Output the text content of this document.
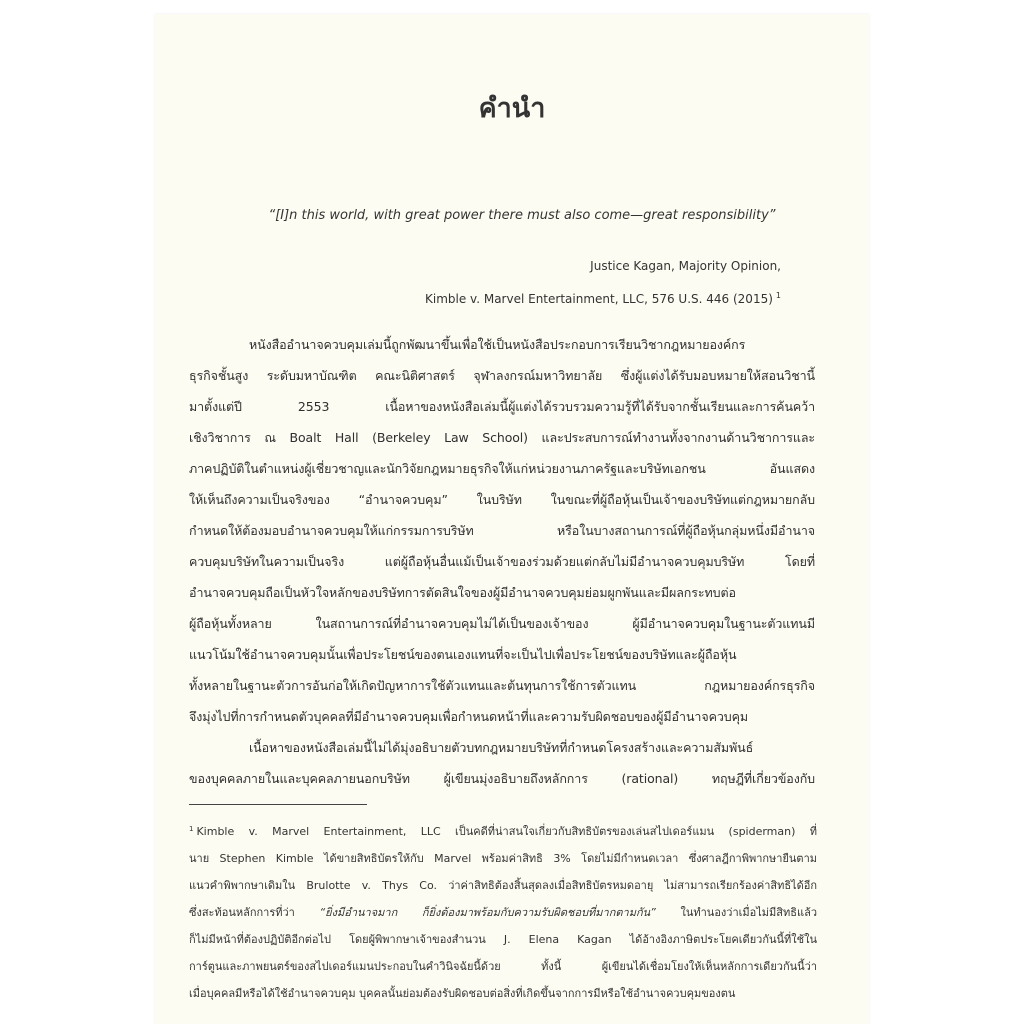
คำนำ
“[I]n this world, with great power there must also come—great responsibility”
Justice Kagan, Majority Opinion,
Kimble v. Marvel Entertainment, LLC, 576 U.S. 446 (2015) $^1$
หนังสืออำนาจควบคุมเล่มนี้ถูกพัฒนาขึ้นเพื่อใช้เป็นหนังสือประกอบการเรียนวิชากฎหมายองค์กร
ธุรกิจชั้นสูง ระดับมหาบัณฑิต คณะนิติศาสตร์ จุฬาลงกรณ์มหาวิทยาลัย ซึ่งผู้แต่งได้รับมอบหมายให้สอนวิชานี้
มาตั้งแต่ปี 2553 เนื้อหาของหนังสือเล่มนี้ผู้แต่งได้รวบรวมความรู้ที่ได้รับจากชั้นเรียนและการค้นคว้า
เชิงวิชาการ ณ Boalt Hall (Berkeley Law School) และประสบการณ์ทำงานทั้งจากงานด้านวิชาการและ
ภาคปฏิบัติในตำแหน่งผู้เชี่ยวชาญและนักวิจัยกฎหมายธุรกิจให้แก่หน่วยงานภาครัฐและบริษัทเอกชน อันแสดง
ให้เห็นถึงความเป็นจริงของ “อำนาจควบคุม” ในบริษัท ในขณะที่ผู้ถือหุ้นเป็นเจ้าของบริษัทแต่กฎหมายกลับ
กำหนดให้ต้องมอบอำนาจควบคุมให้แก่กรรมการบริษัท หรือในบางสถานการณ์ที่ผู้ถือหุ้นกลุ่มหนึ่งมีอำนาจ
ควบคุมบริษัทในความเป็นจริง แต่ผู้ถือหุ้นอื่นแม้เป็นเจ้าของร่วมด้วยแต่กลับไม่มีอำนาจควบคุมบริษัท โดยที่
อำนาจควบคุมถือเป็นหัวใจหลักของบริษัทการตัดสินใจของผู้มีอำนาจควบคุมย่อมผูกพันและมีผลกระทบต่อ
ผู้ถือหุ้นทั้งหลาย ในสถานการณ์ที่อำนาจควบคุมไม่ได้เป็นของเจ้าของ ผู้มีอำนาจควบคุมในฐานะตัวแทนมี
แนวโน้มใช้อำนาจควบคุมนั้นเพื่อประโยชน์ของตนเองแทนที่จะเป็นไปเพื่อประโยชน์ของบริษัทและผู้ถือหุ้น
ทั้งหลายในฐานะตัวการอันก่อให้เกิดปัญหาการใช้ตัวแทนและต้นทุนการใช้การตัวแทน กฎหมายองค์กรธุรกิจ
จึงมุ่งไปที่การกำหนดตัวบุคคลที่มีอำนาจควบคุมเพื่อกำหนดหน้าที่และความรับผิดชอบของผู้มีอำนาจควบคุม
เนื้อหาของหนังสือเล่มนี้ไม่ได้มุ่งอธิบายตัวบทกฎหมายบริษัทที่กำหนดโครงสร้างและความสัมพันธ์
ของบุคคลภายในและบุคคลภายนอกบริษัท ผู้เขียนมุ่งอธิบายถึงหลักการ (rational) ทฤษฎีที่เกี่ยวข้องกับ
$^1$ Kimble v. Marvel Entertainment, LLC เป็นคดีที่น่าสนใจเกี่ยวกับสิทธิบัตรของเล่นสไปเดอร์แมน (spiderman) ที่
นาย Stephen Kimble ได้ขายสิทธิบัตรให้กับ Marvel พร้อมค่าสิทธิ 3% โดยไม่มีกำหนดเวลา ซึ่งศาลฎีกาพิพากษายืนตาม
แนวคำพิพากษาเดิมใน Brulotte v. Thys Co. ว่าค่าสิทธิต้องสิ้นสุดลงเมื่อสิทธิบัตรหมดอายุ ไม่สามารถเรียกร้องค่าสิทธิได้อีก
ซึ่งสะท้อนหลักการที่ว่า “ยิ่งมีอำนาจมาก ก็ยิ่งต้องมาพร้อมกับความรับผิดชอบที่มากตามกัน” ในทำนองว่าเมื่อไม่มีสิทธิแล้ว
ก็ไม่มีหน้าที่ต้องปฏิบัติอีกต่อไป โดยผู้พิพากษาเจ้าของสำนวน J. Elena Kagan ได้อ้างอิงภาษิตประโยคเดียวกันนี้ที่ใช้ใน
การ์ตูนและภาพยนตร์ของสไปเดอร์แมนประกอบในคำวินิจฉัยนี้ด้วย ทั้งนี้ ผู้เขียนได้เชื่อมโยงให้เห็นหลักการเดียวกันนี้ว่า
เมื่อบุคคลมีหรือได้ใช้อำนาจควบคุม บุคคลนั้นย่อมต้องรับผิดชอบต่อสิ่งที่เกิดขึ้นจากการมีหรือใช้อำนาจควบคุมของตน
